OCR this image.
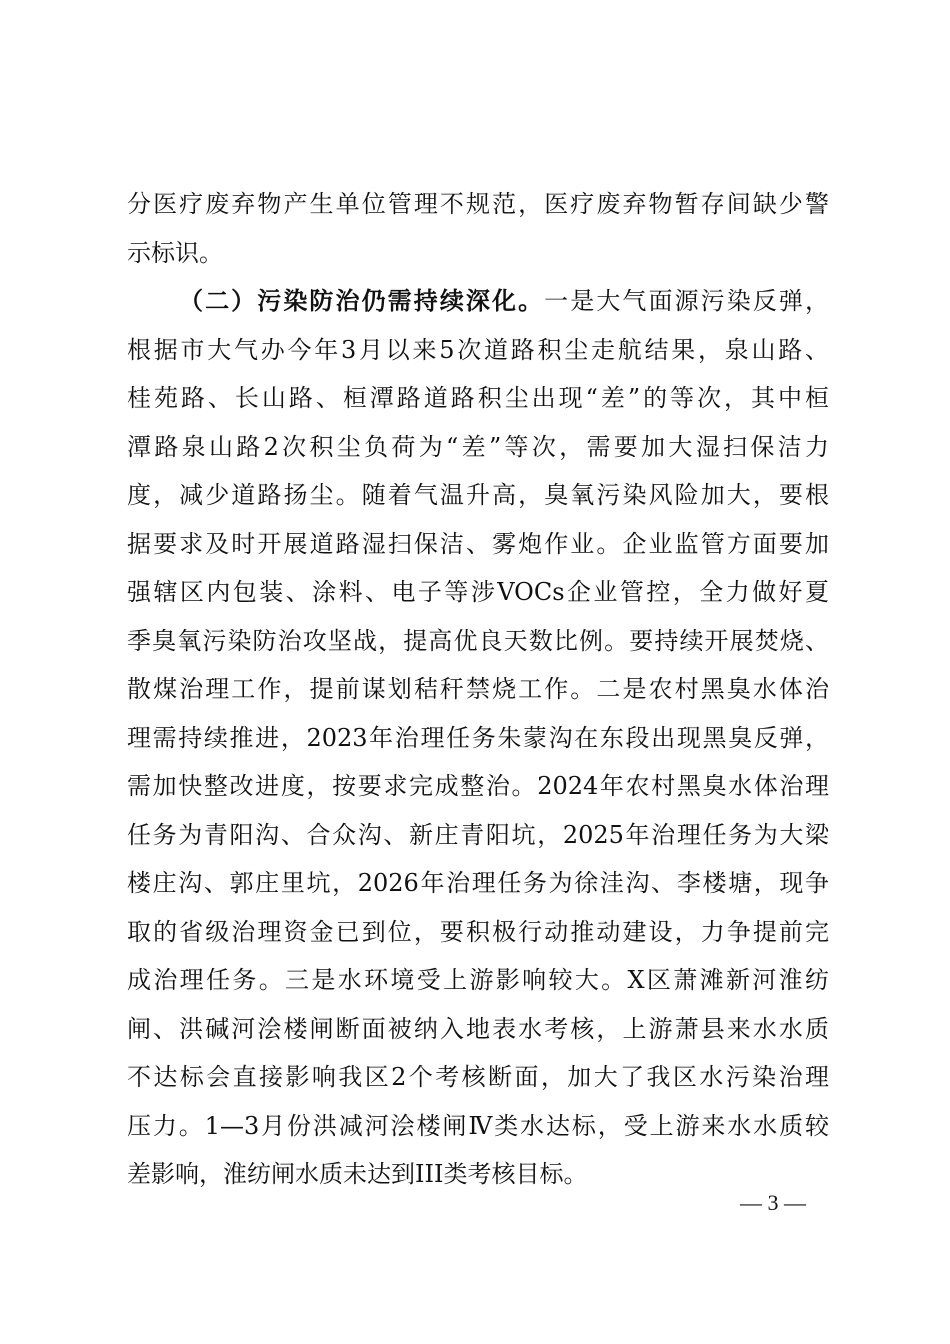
分医疗废弃物产生单位管理不规范，医疗废弃物暂存间缺少警
示标识。
（二）污染防治仍需持续深化。一是大气面源污染反弹，
根据市大气办今年3月以来5次道路积尘走航结果，泉山路、
桂苑路、长山路、桓潭路道路积尘出现“差”的等次，其中桓
潭路泉山路2次积尘负荷为“差”等次，需要加大湿扫保洁力
度，减少道路扬尘。随着气温升高，臭氧污染风险加大，要根
据要求及时开展道路湿扫保洁、雾炮作业。企业监管方面要加
强辖区内包装、涂料、电子等涉VOCs企业管控，全力做好夏
季臭氧污染防治攻坚战，提高优良天数比例。要持续开展焚烧、
散煤治理工作，提前谋划秸秆禁烧工作。二是农村黑臭水体治
理需持续推进，2023年治理任务朱蒙沟在东段出现黑臭反弹，
需加快整改进度，按要求完成整治。2024年农村黑臭水体治理
任务为青阳沟、合众沟、新庄青阳坑，2025年治理任务为大梁
楼庄沟、郭庄里坑，2026年治理任务为徐洼沟、李楼塘，现争
取的省级治理资金已到位，要积极行动推动建设，力争提前完
成治理任务。三是水环境受上游影响较大。X区萧滩新河淮纺
闸、洪碱河浍楼闸断面被纳入地表水考核，上游萧县来水水质
不达标会直接影响我区2个考核断面，加大了我区水污染治理
压力。1—3月份洪减河浍楼闸Ⅳ类水达标，受上游来水水质较
差影响，淮纺闸水质未达到III类考核目标。
— 3 —
